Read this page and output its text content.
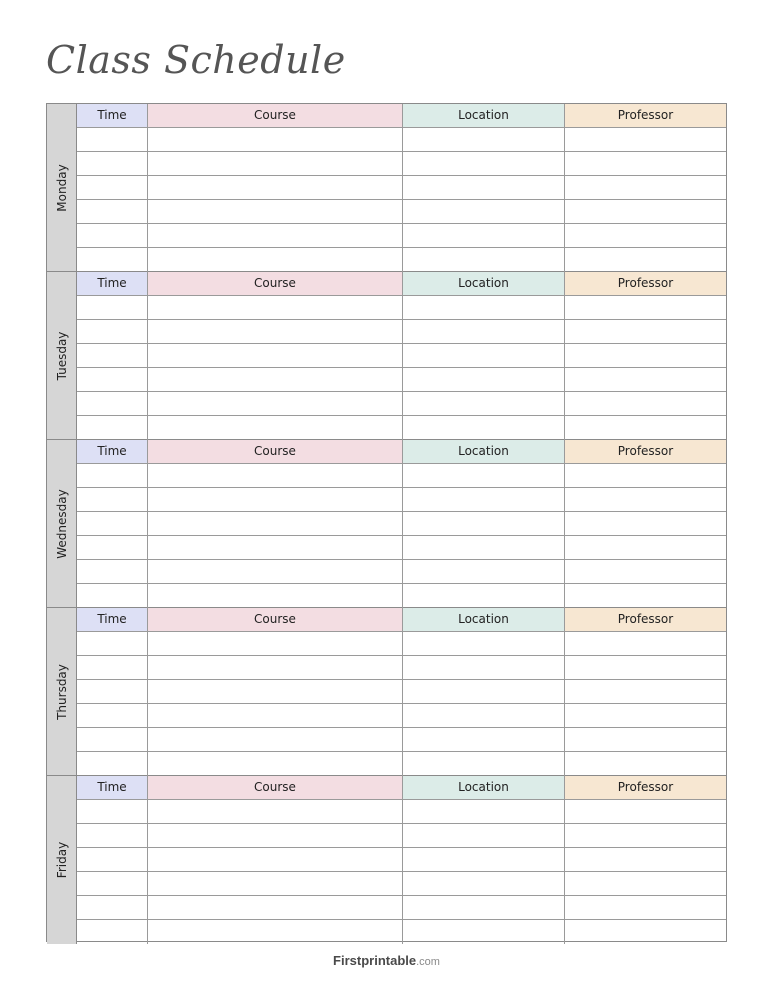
Class Schedule
Monday
Time	Course	Location	Professor
Tuesday
Time	Course	Location	Professor
Wednesday
Time	Course	Location	Professor
Thursday
Time	Course	Location	Professor
Friday
Time	Course	Location	Professor
Firstprintable.com
